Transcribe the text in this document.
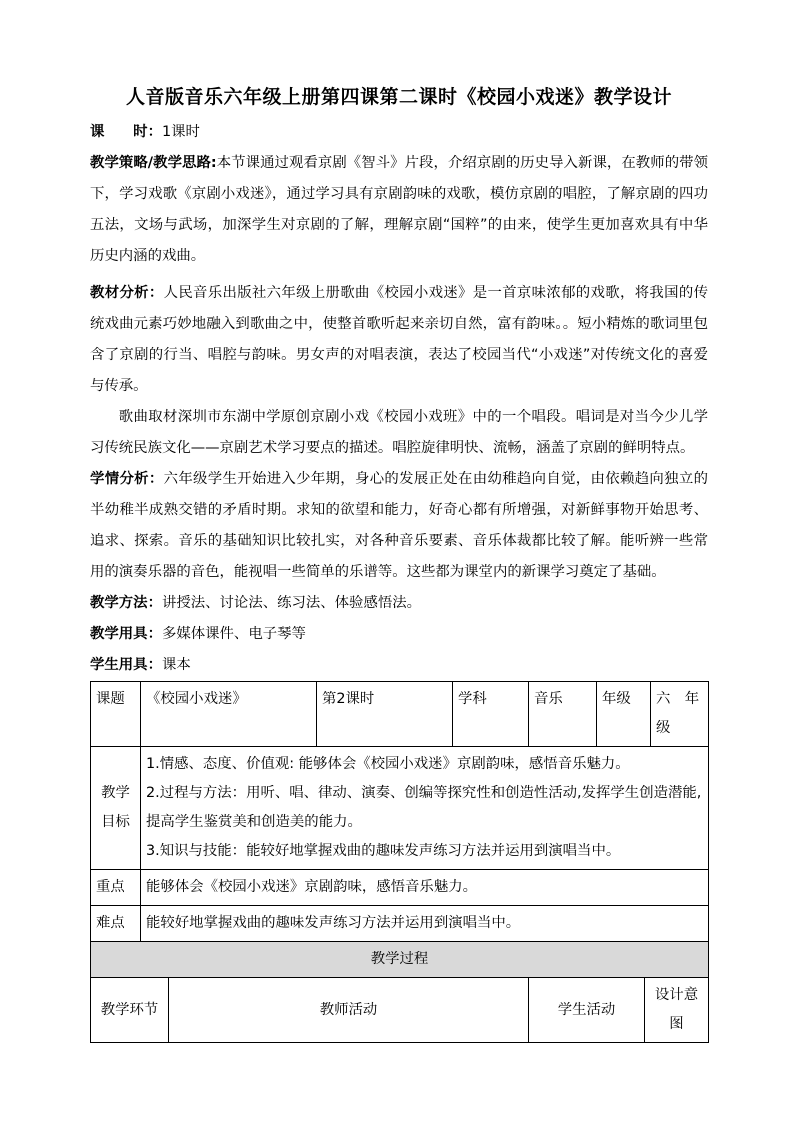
人音版音乐六年级上册第四课第二课时《校园小戏迷》教学设计

课　　时：1课时

教学策略/教学思路:本节课通过观看京剧《智斗》片段，介绍京剧的历史导入新课，在教师的带领下，学习戏歌《京剧小戏迷》，通过学习具有京剧韵味的戏歌，模仿京剧的唱腔，了解京剧的四功五法，文场与武场，加深学生对京剧的了解，理解京剧“国粹”的由来，使学生更加喜欢具有中华历史内涵的戏曲。

教材分析：人民音乐出版社六年级上册歌曲《校园小戏迷》是一首京味浓郁的戏歌，将我国的传统戏曲元素巧妙地融入到歌曲之中，使整首歌听起来亲切自然，富有韵味。。短小精炼的歌词里包含了京剧的行当、唱腔与韵味。男女声的对唱表演，表达了校园当代“小戏迷”对传统文化的喜爱与传承。

歌曲取材深圳市东湖中学原创京剧小戏《校园小戏班》中的一个唱段。唱词是对当今少儿学习传统民族文化——京剧艺术学习要点的描述。唱腔旋律明快、流畅，涵盖了京剧的鲜明特点。

学情分析：六年级学生开始进入少年期，身心的发展正处在由幼稚趋向自觉，由依赖趋向独立的半幼稚半成熟交错的矛盾时期。求知的欲望和能力，好奇心都有所增强，对新鲜事物开始思考、追求、探索。音乐的基础知识比较扎实，对各种音乐要素、音乐体裁都比较了解。能听辨一些常用的演奏乐器的音色，能视唱一些简单的乐谱等。这些都为课堂内的新课学习奠定了基础。

教学方法：讲授法、讨论法、练习法、体验感悟法。

教学用具：多媒体课件、电子琴等

学生用具：课本

课题	《校园小戏迷》		第2课时	学科	音乐	年级		六　年级
教学目标	1.情感、态度、价值观: 能够体会《校园小戏迷》京剧韵味，感悟音乐魅力。
2.过程与方法：用听、唱、律动、演奏、创编等探究性和创造性活动,发挥学生创造潜能,提高学生鉴赏美和创造美的能力。
3.知识与技能：能较好地掌握戏曲的趣味发声练习方法并运用到演唱当中。							

重点	能够体会《校园小戏迷》京剧韵味，感悟音乐魅力。							
难点	能较好地掌握戏曲的趣味发声练习方法并运用到演唱当中。							
教学过程								
教学环节		教师活动			学生活动		设计意图	
